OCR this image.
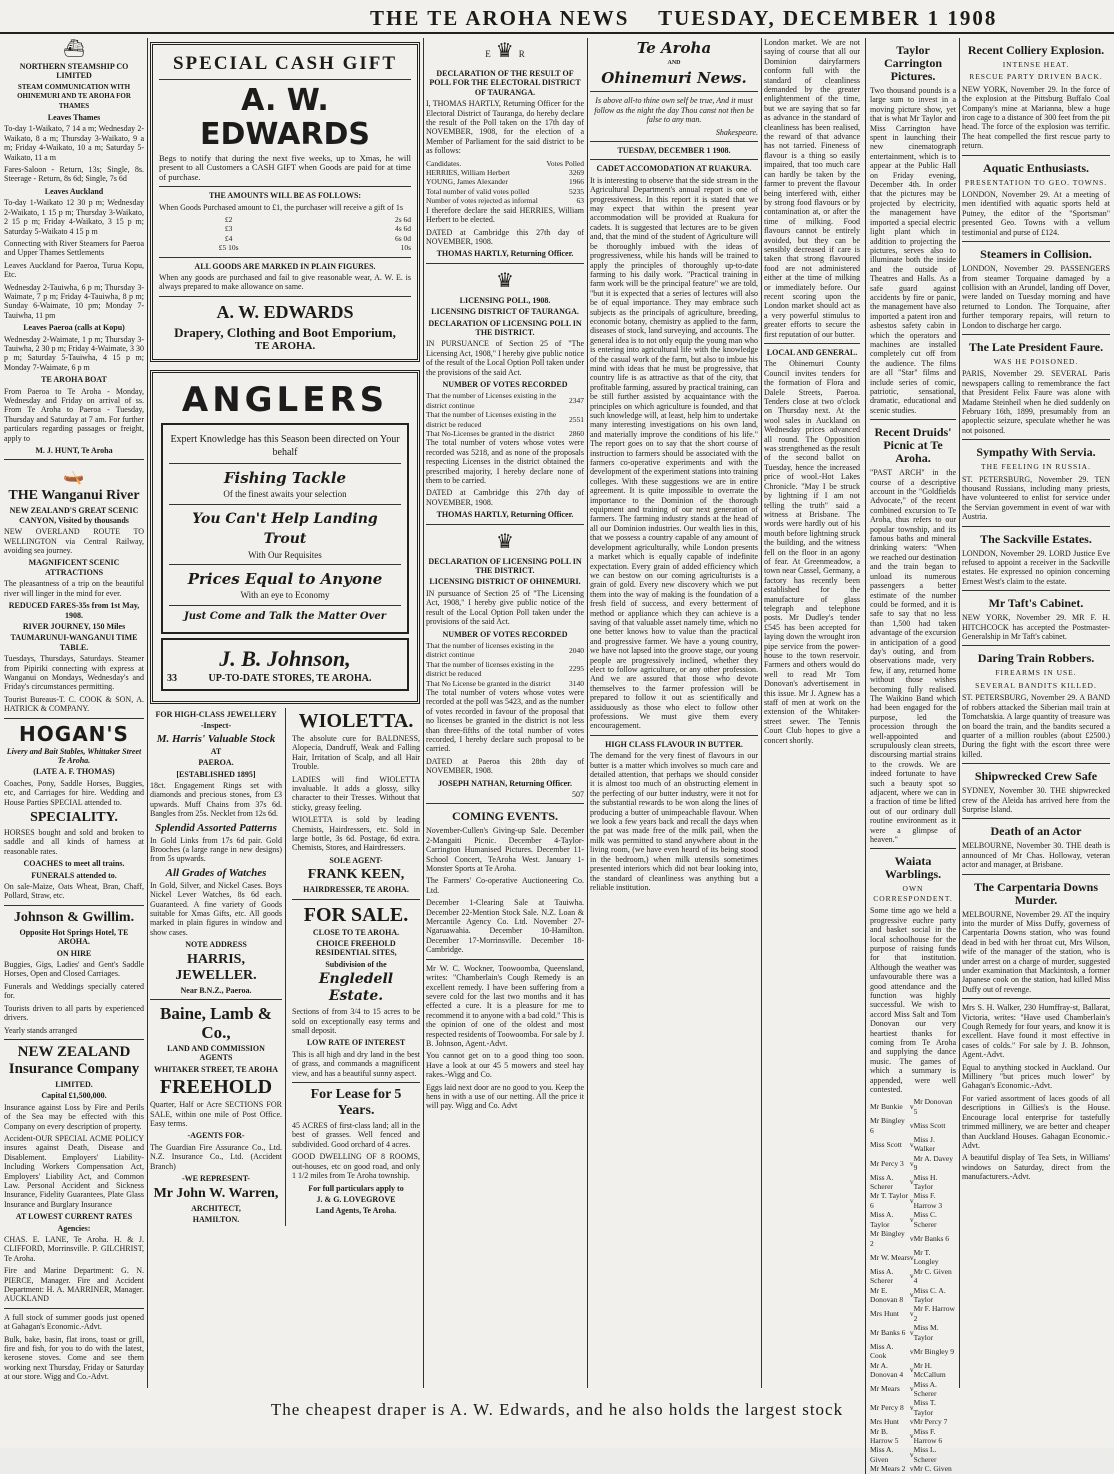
THE TE AROHA NEWS TUESDAY, DECEMBER 1 1908
⛴
NORTHERN STEAMSHIP CO LIMITED
STEAM COMMUNICATION WITH OHINEMURI AND TE AROHA FOR THAMES
Leaves Thames
To-day 1-Waikato, 7 14 a m; Wednesday 2-Waikato, 8 a m; Thursday 3-Waikato, 9 a m; Friday 4-Waikato, 10 a m; Saturday 5-Waikato, 11 a m
Fares-Saloon - Return, 13s; Single, 8s. Steerage - Return, 8s 6d; Single, 7s 6d
Leaves Auckland
To-day 1-Waikato 12 30 p m; Wednesday 2-Waikato, 1 15 p m; Thursday 3-Waikato, 2 15 p m; Friday 4-Waikato, 3 15 p m; Saturday 5-Waikato 4 15 p m
Connecting with River Steamers for Paeroa and Upper Thames Settlements
Leaves Auckland for Paeroa, Turua Kopu, Etc.
Wednesday 2-Tauiwha, 6 p m; Thursday 3-Waimate, 7 p m; Friday 4-Tauiwha, 8 p m; Sunday 6-Waimate, 10 pm; Monday 7-Tauiwha, 11 pm
Leaves Paeroa (calls at Kopu)
Wednesday 2-Waimate, 1 p m; Thursday 3-Tauiwha, 2 30 p m; Friday 4-Waimate, 3 30 p m; Saturday 5-Tauiwha, 4 15 p m; Monday 7-Waimate, 6 p m
TE AROHA BOAT
From Paeroa to Te Aroha - Monday, Wednesday and Friday on arrival of ss. From Te Aroha to Paeroa - Tuesday, Thursday and Saturday at 7 am. For further particulars regarding passages or freight, apply to
M. J. HUNT, Te Aroha
🛶
THE Wanganui River
NEW ZEALAND'S GREAT SCENIC CANYON, Visited by thousands
NEW OVERLAND ROUTE TO WELLINGTON via Central Railway, avoiding sea journey.
MAGNIFICENT SCENIC ATTRACTIONS
The pleasantness of a trip on the beautiful river will linger in the mind for ever.
REDUCED FARES-35s from 1st May, 1908.
RIVER JOURNEY, 150 Miles
TAUMARUNUI-WANGANUI TIME TABLE.
Tuesdays, Thursdays, Saturdays. Steamer from Pipiriki connecting with express at Wanganui on Mondays, Wednesday's and Friday's circumstances permitting.
Tourist Bureaus-T. C. COOK & SON, A. HATRICK & COMPANY.
HOGAN'S
Livery and Bait Stables, Whittaker Street Te Aroha.
(LATE A. F. THOMAS)
Coaches, Pony, Saddle Horses, Buggies, etc, and Carriages for hire. Wedding and House Parties SPECIAL attended to.
SPECIALITY.
HORSES bought and sold and broken to saddle and all kinds of harness at reasonable rates.
COACHES to meet all trains.
FUNERALS attended to.
On sale-Maize, Oats Wheat, Bran, Chaff, Pollard, Straw, etc.
Johnson & Gwillim.
Opposite Hot Springs Hotel, TE AROHA.
ON HIRE
Buggies, Gigs, Ladies' and Gent's Saddle Horses, Open and Closed Carriages.
Funerals and Weddings specially catered for.
Tourists driven to all parts by experienced drivers.
Yearly stands arranged
NEW ZEALAND Insurance Company
LIMITED.
Capital £1,500,000.
Insurance against Loss by Fire and Perils of the Sea may be effected with this Company on every description of property.
Accident-OUR SPECIAL ACME POLICY insures against Death, Disease and Disablement. Employers' Liability-Including Workers Compensation Act, Employers' Liability Act, and Common Law. Personal Accident and Sickness Insurance, Fidelity Guarantees, Plate Glass Insurance and Burglary Insurance
AT LOWEST CURRENT RATES
Agencies:
CHAS. E. LANE, Te Aroha. H. & J. CLIFFORD, Morrinsville. P. GILCHRIST, Te Aroha.
Fire and Marine Department: G. N. PIERCE, Manager. Fire and Accident Department: H. A. MARRINER, Manager. AUCKLAND
A full stock of summer goods just opened at Gahagan's Economic.-Advt.
Bulk, bake, basin, flat irons, toast or grill, fire and fish, for you to do with the latest, kerosene stoves. Come and see them working next Thursday, Friday or Saturday at our store. Wigg and Co.-Advt.
SPECIAL CASH GIFT
A. W. EDWARDS
Begs to notify that during the next five weeks, up to Xmas, he will present to all Customers a CASH GIFT when Goods are paid for at time of purchase.
THE AMOUNTS WILL BE AS FOLLOWS:
When Goods Purchased amount to £1, the purchaser will receive a gift of 1s
£2	2s 6d
£3	4s 6d
£4	6s 0d
£5 10s	10s
ALL GOODS ARE MARKED IN PLAIN FIGURES.
When any goods are purchased and fail to give reasonable wear, A. W. E. is always prepared to make allowance on same.
A. W. EDWARDS
Drapery, Clothing and Boot Emporium,
TE AROHA.
ANGLERS
Expert Knowledge has this Season been directed on Your behalf
Fishing Tackle
Of the finest awaits your selection
You Can't Help Landing Trout
With Our Requisites
Prices Equal to Anyone
With an eye to Economy
Just Come and Talk the Matter Over
J. B. Johnson,
33	UP-TO-DATE STORES, TE AROHA.
FOR HIGH-CLASS JEWELLERY
-Inspect-
M. Harris' Valuable Stock
AT
PAEROA.
[ESTABLISHED 1895]
18ct. Engagement Rings set with diamonds and precious stones, from £3 upwards. Muff Chains from 37s 6d. Bangles from 25s. Necklet from 12s 6d.
Splendid Assorted Patterns
In Gold Links from 17s 6d pair. Gold Brooches (a large range in new designs) from 5s upwards.
All Grades of Watches
In Gold, Silver, and Nickel Cases. Boys Nickel Lever Watches, 8s 6d each. Guaranteed. A fine variety of Goods suitable for Xmas Gifts, etc. All goods marked in plain figures in window and show cases.
NOTE ADDRESS
HARRIS, JEWELLER.
Near B.N.Z., Paeroa.
Baine, Lamb & Co.,
LAND AND COMMISSION AGENTS
WHITAKER STREET, TE AROHA
FREEHOLD
Quarter, Half or Acre SECTIONS FOR SALE, within one mile of Post Office. Easy terms.
-AGENTS FOR-
The Guardian Fire Assurance Co., Ltd. N.Z. Insurance Co., Ltd. (Accident Branch)
-WE REPRESENT-
Mr John W. Warren,
ARCHITECT,
HAMILTON.
WIOLETTA.
The absolute cure for BALDNESS, Alopecia, Dandruff, Weak and Falling Hair, Irritation of Scalp, and all Hair Trouble.
LADIES will find WIOLETTA invaluable. It adds a glossy, silky character to their Tresses. Without that sticky, greasy feeling.
WIOLETTA is sold by leading Chemists, Hairdressers, etc. Sold in large bottle, 3s 6d. Postage, 6d extra. Chemists, Stores, and Hairdressers.
SOLE AGENT-
FRANK KEEN,
HAIRDRESSER, TE AROHA.
FOR SALE.
CLOSE TO TE AROHA.
CHOICE FREEHOLD RESIDENTIAL SITES,
Subdivision of the
Engledell Estate.
Sections of from 3/4 to 15 acres to be sold on exceptionally easy terms and small deposit.
LOW RATE OF INTEREST
This is all high and dry land in the best of grass, and commands a magnificent view, and has a beautiful sunny aspect.
For Lease for 5 Years.
45 ACRES of first-class land; all in the best of grasses. Well fenced and subdivided. Good orchard of 4 acres.
GOOD DWELLING OF 8 ROOMS, out-houses, etc on good road, and only 1 1/2 miles from Te Aroha township.
For full particulars apply to
J. & G. LOVEGROVE
Land Agents, Te Aroha.
E ♛ R
DECLARATION OF THE RESULT OF POLL FOR THE ELECTORAL DISTRICT OF TAURANGA.
I, THOMAS HARTLY, Returning Officer for the Electoral District of Tauranga, do hereby declare the result of the Poll taken on the 17th day of NOVEMBER, 1908, for the election of a Member of Parliament for the said district to be as follows:
Candidates.	Votes Polled
HERRIES, William Herbert	3269
YOUNG, James Alexander	1966
Total number of valid votes polled	5235
Number of votes rejected as informal	63
I therefore declare the said HERRIES, William Herbert to be elected.
DATED at Cambridge this 27th day of NOVEMBER, 1908.
THOMAS HARTLY, Returning Officer.
♛
LICENSING POLL, 1908.
LICENSING DISTRICT OF TAURANGA.
DECLARATION OF LICENSING POLL IN THE DISTRICT.
IN PURSUANCE of Section 25 of "The Licensing Act, 1908," I hereby give public notice of the result of the Local Option Poll taken under the provisions of the said Act.
NUMBER OF VOTES RECORDED
That the number of Licenses existing in the district continue	2347
That the number of Licenses existing in the district be reduced	2551
That No-Licenses be granted in the district	2860
The total number of voters whose votes were recorded was 5218, and as none of the proposals respecting Licenses in the district obtained the prescribed majority, I hereby declare none of them to be carried.
DATED at Cambridge this 27th day of NOVEMBER, 1908.
THOMAS HARTLY, Returning Officer.
♛
DECLARATION OF LICENSING POLL IN THE DISTRICT.
LICENSING DISTRICT OF OHINEMURI.
IN pursuance of Section 25 of "The Licensing Act, 1908," I hereby give public notice of the result of the Local Option Poll taken under the provisions of the said Act.
NUMBER OF VOTES RECORDED
That the number of licenses existing in the district continue	2040
That the number of licenses existing in the district be reduced	2295
That No License be granted in the district	3140
The total number of voters whose votes were recorded at the poll was 5423, and as the number of votes recorded in favour of the proposal that no licenses be granted in the district is not less than three-fifths of the total number of votes recorded, I hereby declare such proposal to be carried.
DATED at Paeroa this 28th day of NOVEMBER, 1908.
JOSEPH NATHAN, Returning Officer.
507
COMING EVENTS.
November-Cullen's Giving-up Sale. December 2-Mangaiti Picnic. December 4-Taylor-Carrington Humanised Pictures. December 11-School Concert, TeAroha West. January 1-Monster Sports at Te Aroha.
The Farmers' Co-operative Auctioneering Co. Ltd.
December 1-Clearing Sale at Tauiwha. December 22-Mention Stock Sale. N.Z. Loan & Mercantile Agency Co. Ltd. November 27-Ngaruawahia. December 10-Hamilton. December 17-Morrinsville. December 18-Cambridge.
Mr W. C. Wockner, Toowoomba, Queensland, writes: "Chamberlain's Cough Remedy is an excellent remedy. I have been suffering from a severe cold for the last two months and it has effected a cure. It is a pleasure for me to recommend it to anyone with a bad cold." This is the opinion of one of the oldest and most respected residents of Toowoomba. For sale by J. B. Johnson, Agent.-Advt.
You cannot get on to a good thing too soon. Have a look at our 45 5 mowers and steel hay rakes.-Wigg and Co.
Eggs laid next door are no good to you. Keep the hens in with a use of our netting. All the price it will pay. Wigg and Co. Advt
Te Aroha
AND
Ohinemuri News.
Is above all-to thine own self be true, And it must follow as the night the day Thou canst not then be false to any man.
Shakespeare.
TUESDAY, DECEMBER 1 1908.
CADET ACCOMODATION AT RUAKURA.
It is interesting to observe that the side stream in the Agricultural Department's annual report is one of progressiveness. In this report it is stated that we may expect that within the present year accommodation will be provided at Ruakura for cadets. It is suggested that lectures are to be given and, that the mind of the student of Agriculture will be thoroughly imbued with the ideas of progressiveness, while his hands will be trained to apply the principles of thoroughly up-to-date farming to his daily work. "Practical training in farm work will be the principal feature" we are told, "but it is expected that a series of lectures will also be of equal importance. They may embrace such subjects as the principals of agriculture, breeding, economic botany, chemistry as applied to the farm, diseases of stock, land surveying, and accounts. The general idea is to not only equip the young man who is entering into agricultural life with the knowledge of the casual work of the farm, but also to imbue his mind with ideas that he must be progressive, that country life is as attractive as that of the city, that profitable farming, assured by practical training, can be still further assisted by acquaintance with the principles on which agriculture is founded, and that such knowledge will, at least, help him to undertake many interesting investigations on his own land, and materially improve the conditions of his life." The report goes on to say that the short course of instruction to farmers should be associated with the farmers co-operative experiments and with the development of the experiment stations into training colleges. With these suggestions we are in entire agreement. It is quite impossible to overrate the importance to the Dominion of the thorough equipment and training of our next generation of farmers. The farming industry stands at the head of all our Dominion industries. Our wealth lies in this, that we possess a country capable of any amount of development agriculturally, while London presents a market which is equally capable of indefinite expectation. Every grain of added efficiency which we can bestow on our coming agriculturists is a grain of gold. Every new discovery which we put them into the way of making is the foundation of a fresh field of success, and every betterment of method or appliance which they can achieve is a saving of that valuable asset namely time, which no one better knows how to value than the practical and progressive farmer. We have a young country, we have not lapsed into the groove stage, our young people are progressively inclined, whether they elect to follow agriculture, or any other profession. And we are assured that those who devote themselves to the farmer profession will be prepared to follow it out as scientifically and assiduously as those who elect to follow other professions. We must give them every encouragement.
HIGH CLASS FLAVOUR IN BUTTER.
The demand for the very finest of flavours in our butter is a matter which involves so much care and detailed attention, that perhaps we should consider it is almost too much of an obstructing element in the perfecting of our butter industry, were it not for the substantial rewards to be won along the lines of producing a butter of unimpeachable flavour. When we look a few years back and recall the days when the pat was made free of the milk pail, when the milk was permitted to stand anywhere about in the living room, (we have even heard of its being stood in the bedroom,) when milk utensils sometimes presented interiors which did not bear looking into, the standard of cleanliness was anything but a reliable institution.
London market. We are not saying of course that all our Dominion dairyfarmers conform full with the standard of cleanliness demanded by the greater enlightenment of the time, but we are saying that so far as advance in the standard of cleanliness has been realised, the reward of that advance has not tarried. Fineness of flavour is a thing so easily impaired, that too much care can hardly be taken by the farmer to prevent the flavour being interfered with, either by strong food flavours or by contamination at, or after the time of milking. Food flavours cannot be entirely avoided, but they can be sensibly decreased if care is taken that strong flavoured food are not administered either at the time of milking or immediately before. Our recent scoring upon the London market should act as a very powerful stimulus to greater efforts to secure the first reputation of our butter.
LOCAL AND GENERAL.
The Ohinemuri County Council invites tenders for the formation of Flora and Dalele Streets, Paeroa. Tenders close at two o'clock on Thursday next. At the wool sales in Auckland on Wednesday prices advanced all round. The Opposition was strengthened as the result of the second ballot on Tuesday, hence the increased price of wool.-Hot Lakes Chronicle. "May I be struck by lightning if I am not telling the truth" said a witness at Brisbane. The words were hardly out of his mouth before lightning struck the building, and the witness fell on the floor in an agony of fear. At Greenmeadow, a town near Cassel, Germany, a factory has recently been established for the manufacture of glass telegraph and telephone posts. Mr Dudley's tender £545 has been accepted for laying down the wrought iron pipe service from the power-house to the town reservoir. Farmers and others would do well to read Mr Tom Donovan's advertisement in this issue. Mr J. Agnew has a staff of men at work on the extension of the Whitaker-street sewer. The Tennis Court Club hopes to give a concert shortly.
Taylor Carrington Pictures.
Two thousand pounds is a large sum to invest in a moving picture show, yet that is what Mr Taylor and Miss Carrington have spent in launching their new cinematograph entertainment, which is to appear at the Public Hall on Friday evening, December 4th. In order that the pictures may be projected by electricity, the management have imported a special electric light plant which in addition to projecting the pictures, serves also to illuminate both the inside and the outside of Theatres and Halls. As a safe guard against accidents by fire or panic, the management have also imported a patent iron and asbestos safety cabin in which the operators and machines are installed completely cut off from the audience. The films are all "Star" films and include series of comic, patriotic, sensational, dramatic, educational and scenic studies.
Recent Druids' Picnic at Te Aroha.
"PAST ARCH" in the course of a descriptive account in the "Goldfields Advocate," of the recent combined excursion to Te Aroha, thus refers to our popular township, and its famous baths and mineral drinking waters: "When we reached our destination and the train began to unload its numerous passengers a better estimate of the number could be formed, and it is safe to say that no less than 1,500 had taken advantage of the excursion in anticipation of a good day's outing, and from observations made, very few, if any, returned home without those wishes becoming fully realised. The Waikino Band which had been engaged for the purpose, led the procession through the well-appointed and scrupulously clean streets, discoursing martial strains to the crowds. We are indeed fortunate to have such a beauty spot so adjacent, where we can in a fraction of time be lifted out of our ordinary dull routine environment as it were a glimpse of heaven."
Waiata Warblings.
OWN CORRESPONDENT.
Some time ago we held a progressive euchre party and basket social in the local schoolhouse for the purpose of raising funds for that institution. Although the weather was unfavourable there was a good attendance and the function was highly successful. We wish to accord Miss Salt and Tom Donovan our very heartiest thanks for coming from Te Aroha and supplying the dance music. The games of which a summary is appended, were well contested.
Mr Bunkie	v	Mr Donovan 5
Mr Bingley 6	v	Miss Scott
Miss Scott	v	Miss J. Walker
Mr Percy 3	v	Mr A. Davey 9
Miss A. Scherer	v	Miss H. Taylor
Mr T. Taylor 6	v	Miss F. Harrow 3
Miss A. Taylor	v	Miss C. Scherer
Mr Bingley 2	v	Mr Banks 6
Mr W. Mears	v	Mr T. Longley
Miss A. Scherer	v	Mr C. Given 4
Mr E. Donovan 8	v	Miss C. A. Taylor
Mrs Hunt	v	Mr F. Harrow 2
Mr Banks 6	v	Miss M. Taylor
Miss A. Cook	v	Mr Bingley 9
Mr A. Donovan 4	v	Mr H. McCallum
Mr Mears	v	Miss A. Scherer
Mr Percy 8	v	Miss T. Taylor
Mrs Hunt	v	Mr Percy 7
Mr B. Harrow 5	v	Miss F. Harrow 6
Miss A. Given	v	Miss L. Scherer
Mr Mears 2	v	Mr C. Given
Recent Colliery Explosion.
INTENSE HEAT.
RESCUE PARTY DRIVEN BACK.
NEW YORK, November 29. In the force of the explosion at the Pittsburg Buffalo Coal Company's mine at Marianna, blew a huge iron cage to a distance of 300 feet from the pit head. The force of the explosion was terrific. The heat compelled the first rescue party to return.
Aquatic Enthusiasts.
PRESENTATION TO GEO. TOWNS.
LONDON, November 29. At a meeting of men identified with aquatic sports held at Putney, the editor of the "Sportsman" presented Geo. Towns with a vellum testimonial and purse of £124.
Steamers in Collision.
LONDON, November 29. PASSENGERS from steamer Torquaine damaged by a collision with an Arundel, landing off Dover, were landed on Tuesday morning and have returned to London. The Torquaine, after further temporary repairs, will return to London to discharge her cargo.
The Late President Faure.
WAS HE POISONED.
PARIS, November 29. SEVERAL Paris newspapers calling to remembrance the fact that President Felix Faure was alone with Madame Steinheil when he died suddenly on February 16th, 1899, presumably from an apoplectic seizure, speculate whether he was not poisoned.
Sympathy With Servia.
THE FEELING IN RUSSIA.
ST. PETERSBURG, November 29. TEN thousand Russians, including many priests, have volunteered to enlist for service under the Servian government in event of war with Austria.
The Sackville Estates.
LONDON, November 29. LORD Justice Eve refused to appoint a receiver in the Sackville estates. He expressed no opinion concerning Ernest West's claim to the estate.
Mr Taft's Cabinet.
NEW YORK, November 29. MR F. H. HITCHCOCK has accepted the Postmaster-Generalship in Mr Taft's cabinet.
Daring Train Robbers.
FIREARMS IN USE.
SEVERAL BANDITS KILLED.
ST. PETERSBURG, November 29. A BAND of robbers attacked the Siberian mail train at Tomchatskia. A large quantity of treasure was on board the train, and the bandits secured a quarter of a million roubles (about £2500.) During the fight with the escort three were killed.
Shipwrecked Crew Safe
SYDNEY, November 30. THE shipwrecked crew of the Aleida has arrived here from the Surprise Island.
Death of an Actor
MELBOURNE, November 30. THE death is announced of Mr Chas. Holloway, veteran actor and manager, at Brisbane.
The Carpentaria Downs Murder.
MELBOURNE, November 29. AT the inquiry into the murder of Miss Duffy, governess of Carpentaria Downs station, who was found dead in bed with her throat cut, Mrs Wilson, wife of the manager of the station, who is under arrest on a charge of murder, suggested under examination that Mackintosh, a former Japanese cook on the station, had killed Miss Duffy out of revenge.
Mrs S. H. Walker, 230 Humffray-st, Ballarat, Victoria, writes: "Have used Chamberlain's Cough Remedy for four years, and know it is excellent. Have found it most effective in cases of colds." For sale by J. B. Johnson, Agent.-Advt.
Equal to anything stocked in Auckland. Our Millinery "but prices much lower" by Gahagan's Economic.-Advt.
For varied assortment of laces goods of all descriptions in Gillies's is the House. Encourage local enterprise for tastefully trimmed millinery, we are better and cheaper than Auckland Houses. Gahagan Economic.-Advt.
A beautiful display of Tea Sets, in Williams' windows on Saturday, direct from the manufacturers.-Advt.
The cheapest draper is A. W. Edwards, and he also holds the largest stock
